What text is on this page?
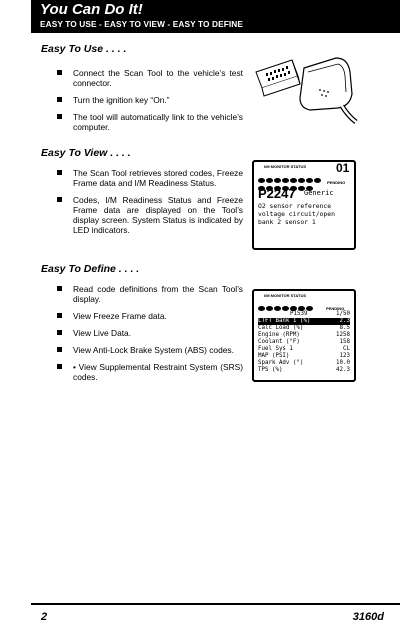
You Can Do It!
EASY TO USE - EASY TO VIEW - EASY TO DEFINE
Easy To Use . . . .
Connect the Scan Tool to the vehicle’s test connector.
Turn the ignition key “On.”
The tool will automatically link to the vehicle’s computer.
Easy To View . . . .
The Scan Tool retrieves stored codes, Freeze Frame data and I/M Readiness Status.
Codes, I/M Readiness Status and Freeze Frame data are displayed on the Tool’s display screen. System Status is indicated by LED indicators.
I/M MONITOR STATUS	01
PENDING
P2247 Generic
O2 sensor reference
voltage circuit/open
bank 2 sensor 1
Easy To Define . . . .
Read code definitions from the Scan Tool’s display.
View Freeze Frame data.
View Live Data.
View Anti-Lock Brake System (ABS) codes.
• View Supplemental Restraint System (SRS) codes.
I/M MONITOR STATUS
PENDING
P1539	1/50
LTFT Bank 1 (%)	2.3
Calc Load (%)	8.5
Engine (RPM)	1258
Coolant (°F)	158
Fuel Sys 1	CL
MAP (PSI)	123
Spark Adv (°)	10.0
TPS (%)	42.3
2	3160d
